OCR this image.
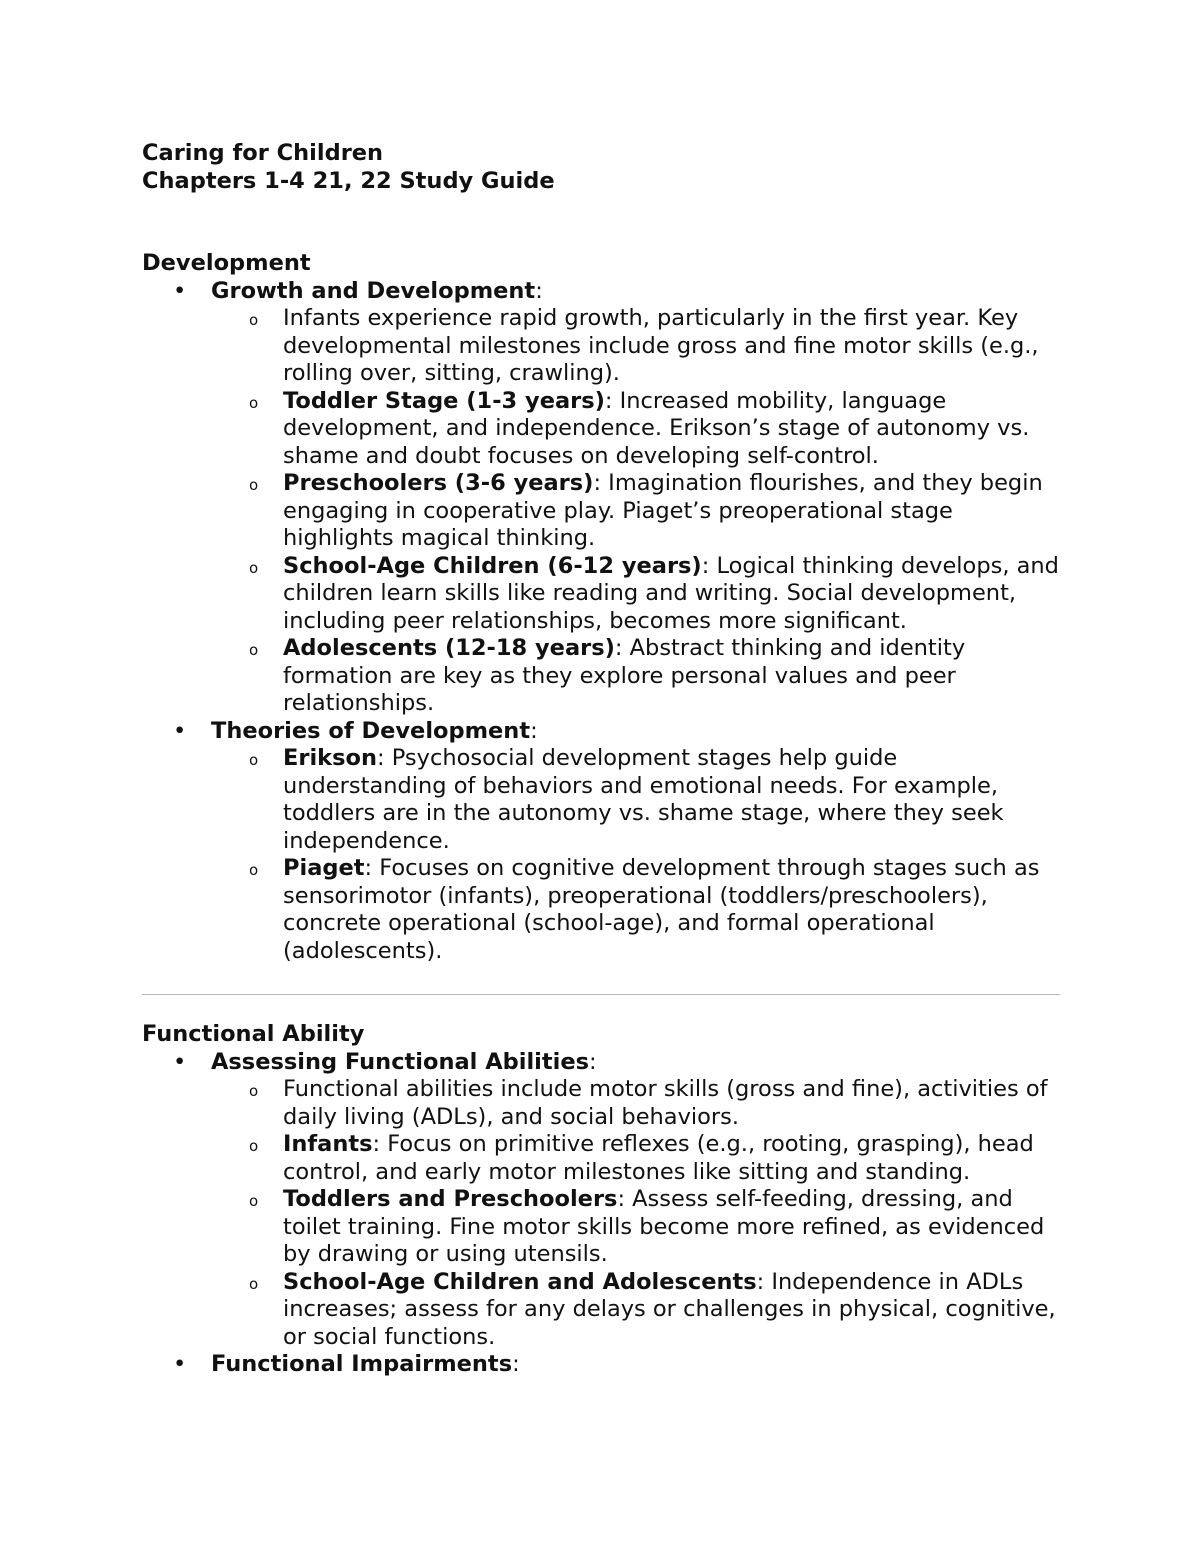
Caring for Children

Chapters 1-4 21, 22 Study Guide

Development

• Growth and Development:
o Infants experience rapid growth, particularly in the first year. Key developmental milestones include gross and fine motor skills (e.g., rolling over, sitting, crawling).
o Toddler Stage (1-3 years): Increased mobility, language development, and independence. Erikson’s stage of autonomy vs. shame and doubt focuses on developing self-control.
o Preschoolers (3-6 years): Imagination flourishes, and they begin engaging in cooperative play. Piaget’s preoperational stage highlights magical thinking.
o School-Age Children (6-12 years): Logical thinking develops, and children learn skills like reading and writing. Social development, including peer relationships, becomes more significant.
o Adolescents (12-18 years): Abstract thinking and identity formation are key as they explore personal values and peer relationships.
• Theories of Development:
o Erikson: Psychosocial development stages help guide understanding of behaviors and emotional needs. For example, toddlers are in the autonomy vs. shame stage, where they seek independence.
o Piaget: Focuses on cognitive development through stages such as sensorimotor (infants), preoperational (toddlers/preschoolers), concrete operational (school-age), and formal operational (adolescents).

Functional Ability

• Assessing Functional Abilities:
o Functional abilities include motor skills (gross and fine), activities of daily living (ADLs), and social behaviors.
o Infants: Focus on primitive reflexes (e.g., rooting, grasping), head control, and early motor milestones like sitting and standing.
o Toddlers and Preschoolers: Assess self-feeding, dressing, and toilet training. Fine motor skills become more refined, as evidenced by drawing or using utensils.
o School-Age Children and Adolescents: Independence in ADLs increases; assess for any delays or challenges in physical, cognitive, or social functions.
• Functional Impairments:
